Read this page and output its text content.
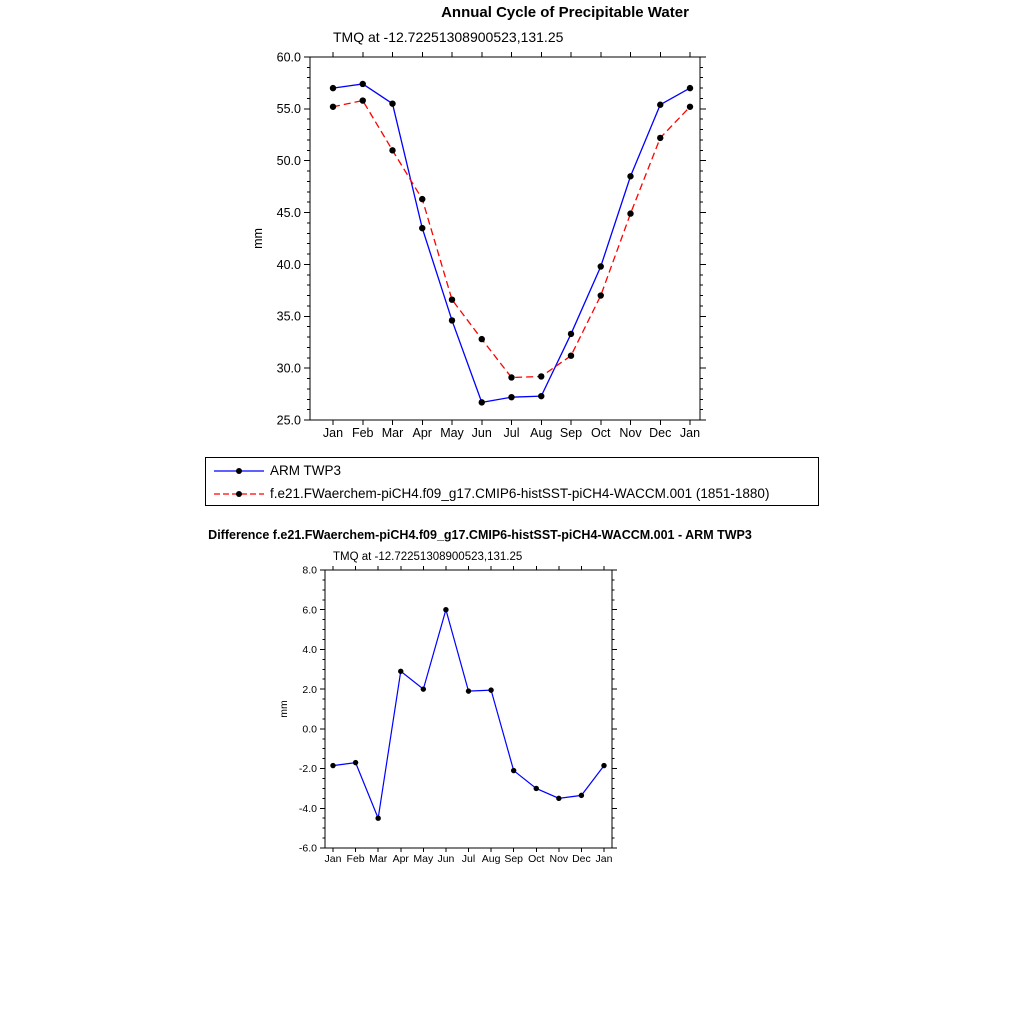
Annual Cycle of Precipitable Water
TMQ at -12.72251308900523,131.25
25.0
30.0
35.0
40.0
45.0
50.0
55.0
60.0
Jan Feb Mar Apr May Jun Jul Aug Sep Oct Nov Dec Jan
mm
ARM TWP3
f.e21.FWaerchem-piCH4.f09_g17.CMIP6-histSST-piCH4-WACCM.001 (1851-1880)
Difference f.e21.FWaerchem-piCH4.f09_g17.CMIP6-histSST-piCH4-WACCM.001 - ARM TWP3
TMQ at -12.72251308900523,131.25
-6.0
-4.0
-2.0
0.0
2.0
4.0
6.0
8.0
Jan Feb Mar Apr May Jun Jul Aug Sep Oct Nov Dec Jan
mm
